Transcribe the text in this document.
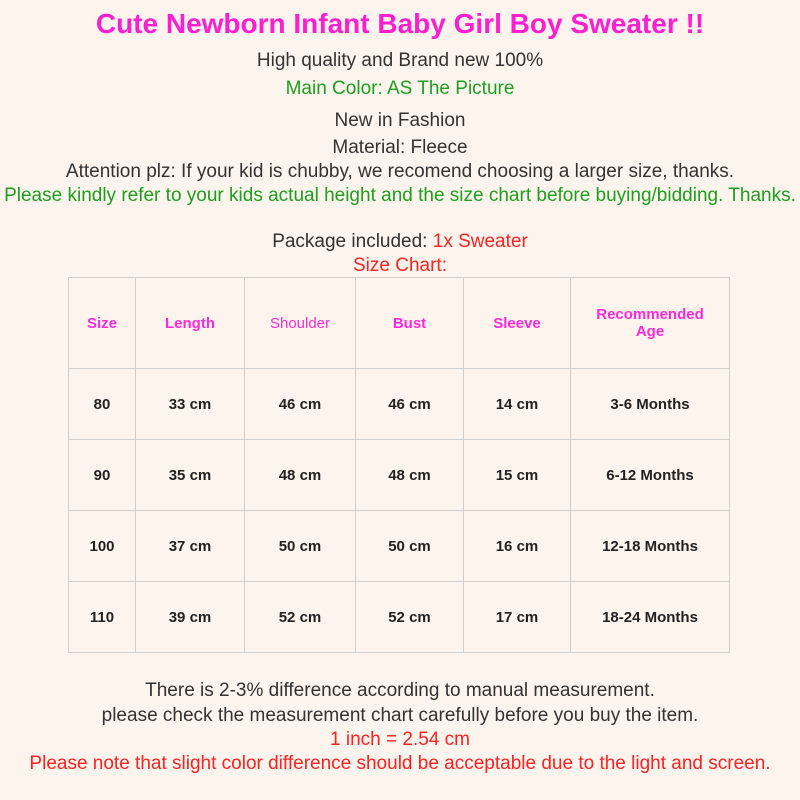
Cute Newborn Infant Baby Girl Boy Sweater !!
High quality and Brand new 100%
Main Color: AS The Picture
New in Fashion
Material: Fleece
Attention plz: If your kid is chubby, we recomend choosing a larger size, thanks.
Please kindly refer to your kids actual height and the size chart before buying/bidding. Thanks.
Package included: 1x Sweater
Size Chart:
Size	Length	Shoulder	Bust	Sleeve	Recommended
Age
80	33 cm	46 cm	46 cm	14 cm	3-6 Months
90	35 cm	48 cm	48 cm	15 cm	6-12 Months
100	37 cm	50 cm	50 cm	16 cm	12-18 Months
110	39 cm	52 cm	52 cm	17 cm	18-24 Months
There is 2-3% difference according to manual measurement.
please check the measurement chart carefully before you buy the item.
1 inch = 2.54 cm
Please note that slight color difference should be acceptable due to the light and screen.
